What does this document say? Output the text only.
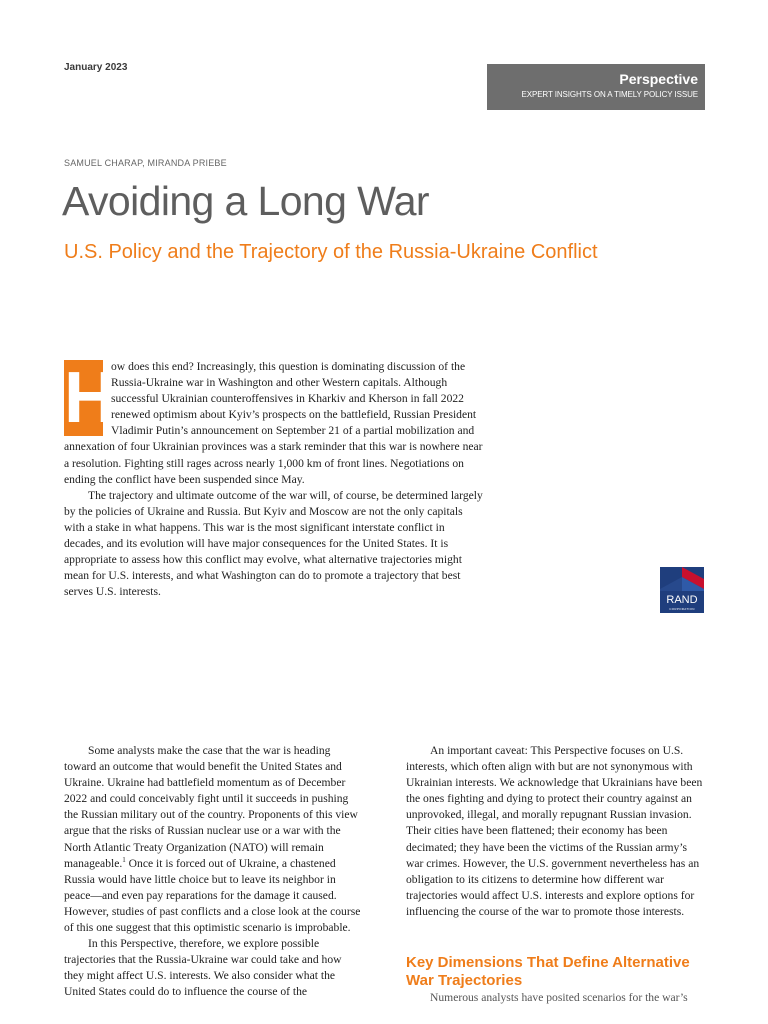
January 2023
Perspective
EXPERT INSIGHTS ON A TIMELY POLICY ISSUE
SAMUEL CHARAP, MIRANDA PRIEBE
Avoiding a Long War
U.S. Policy and the Trajectory of the Russia-Ukraine Conflict
H

ow does this end? Increasingly, this question is dominating discussion of the Russia-Ukraine war in Washington and other Western capitals. Although successful Ukrainian counteroffensives in Kharkiv and Kherson in fall 2022 renewed optimism about Kyiv’s prospects on the battlefield, Russian President Vladimir Putin’s announcement on September 21 of a partial mobilization and annexation of four Ukrainian provinces was a stark reminder that this war is nowhere near a resolution. Fighting still rages across nearly 1,000 km of front lines. Negotiations on ending the conflict have been suspended since May.

The trajectory and ultimate outcome of the war will, of course, be determined largely by the policies of Ukraine and Russia. But Kyiv and Moscow are not the only capitals with a stake in what happens. This war is the most significant interstate conflict in decades, and its evolution will have major consequences for the United States. It is appropriate to assess how this conflict may evolve, what alternative trajectories might mean for U.S. interests, and what Washington can do to promote a trajectory that best serves U.S. interests.

RAND
CORPORATION

Some analysts make the case that the war is heading toward an outcome that would benefit the United States and Ukraine. Ukraine had battlefield momentum as of December 2022 and could conceivably fight until it succeeds in pushing the Russian military out of the country. Proponents of this view argue that the risks of Russian nuclear use or a war with the North Atlantic Treaty Organization (NATO) will remain manageable.$^1$ Once it is forced out of Ukraine, a chastened Russia would have little choice but to leave its neighbor in peace—and even pay reparations for the damage it caused. However, studies of past conflicts and a close look at the course of this one suggest that this optimistic scenario is improbable.

In this Perspective, therefore, we explore possible trajectories that the Russia-Ukraine war could take and how they might affect U.S. interests. We also consider what the United States could do to influence the course of the

An important caveat: This Perspective focuses on U.S. interests, which often align with but are not synonymous with Ukrainian interests. We acknowledge that Ukrainians have been the ones fighting and dying to protect their country against an unprovoked, illegal, and morally repugnant Russian invasion. Their cities have been flattened; their economy has been decimated; they have been the victims of the Russian army’s war crimes. However, the U.S. government nevertheless has an obligation to its citizens to determine how different war trajectories would affect U.S. interests and explore options for influencing the course of the war to promote those interests.

Key Dimensions That Define Alternative War Trajectories

Numerous analysts have posited scenarios for the war’s
